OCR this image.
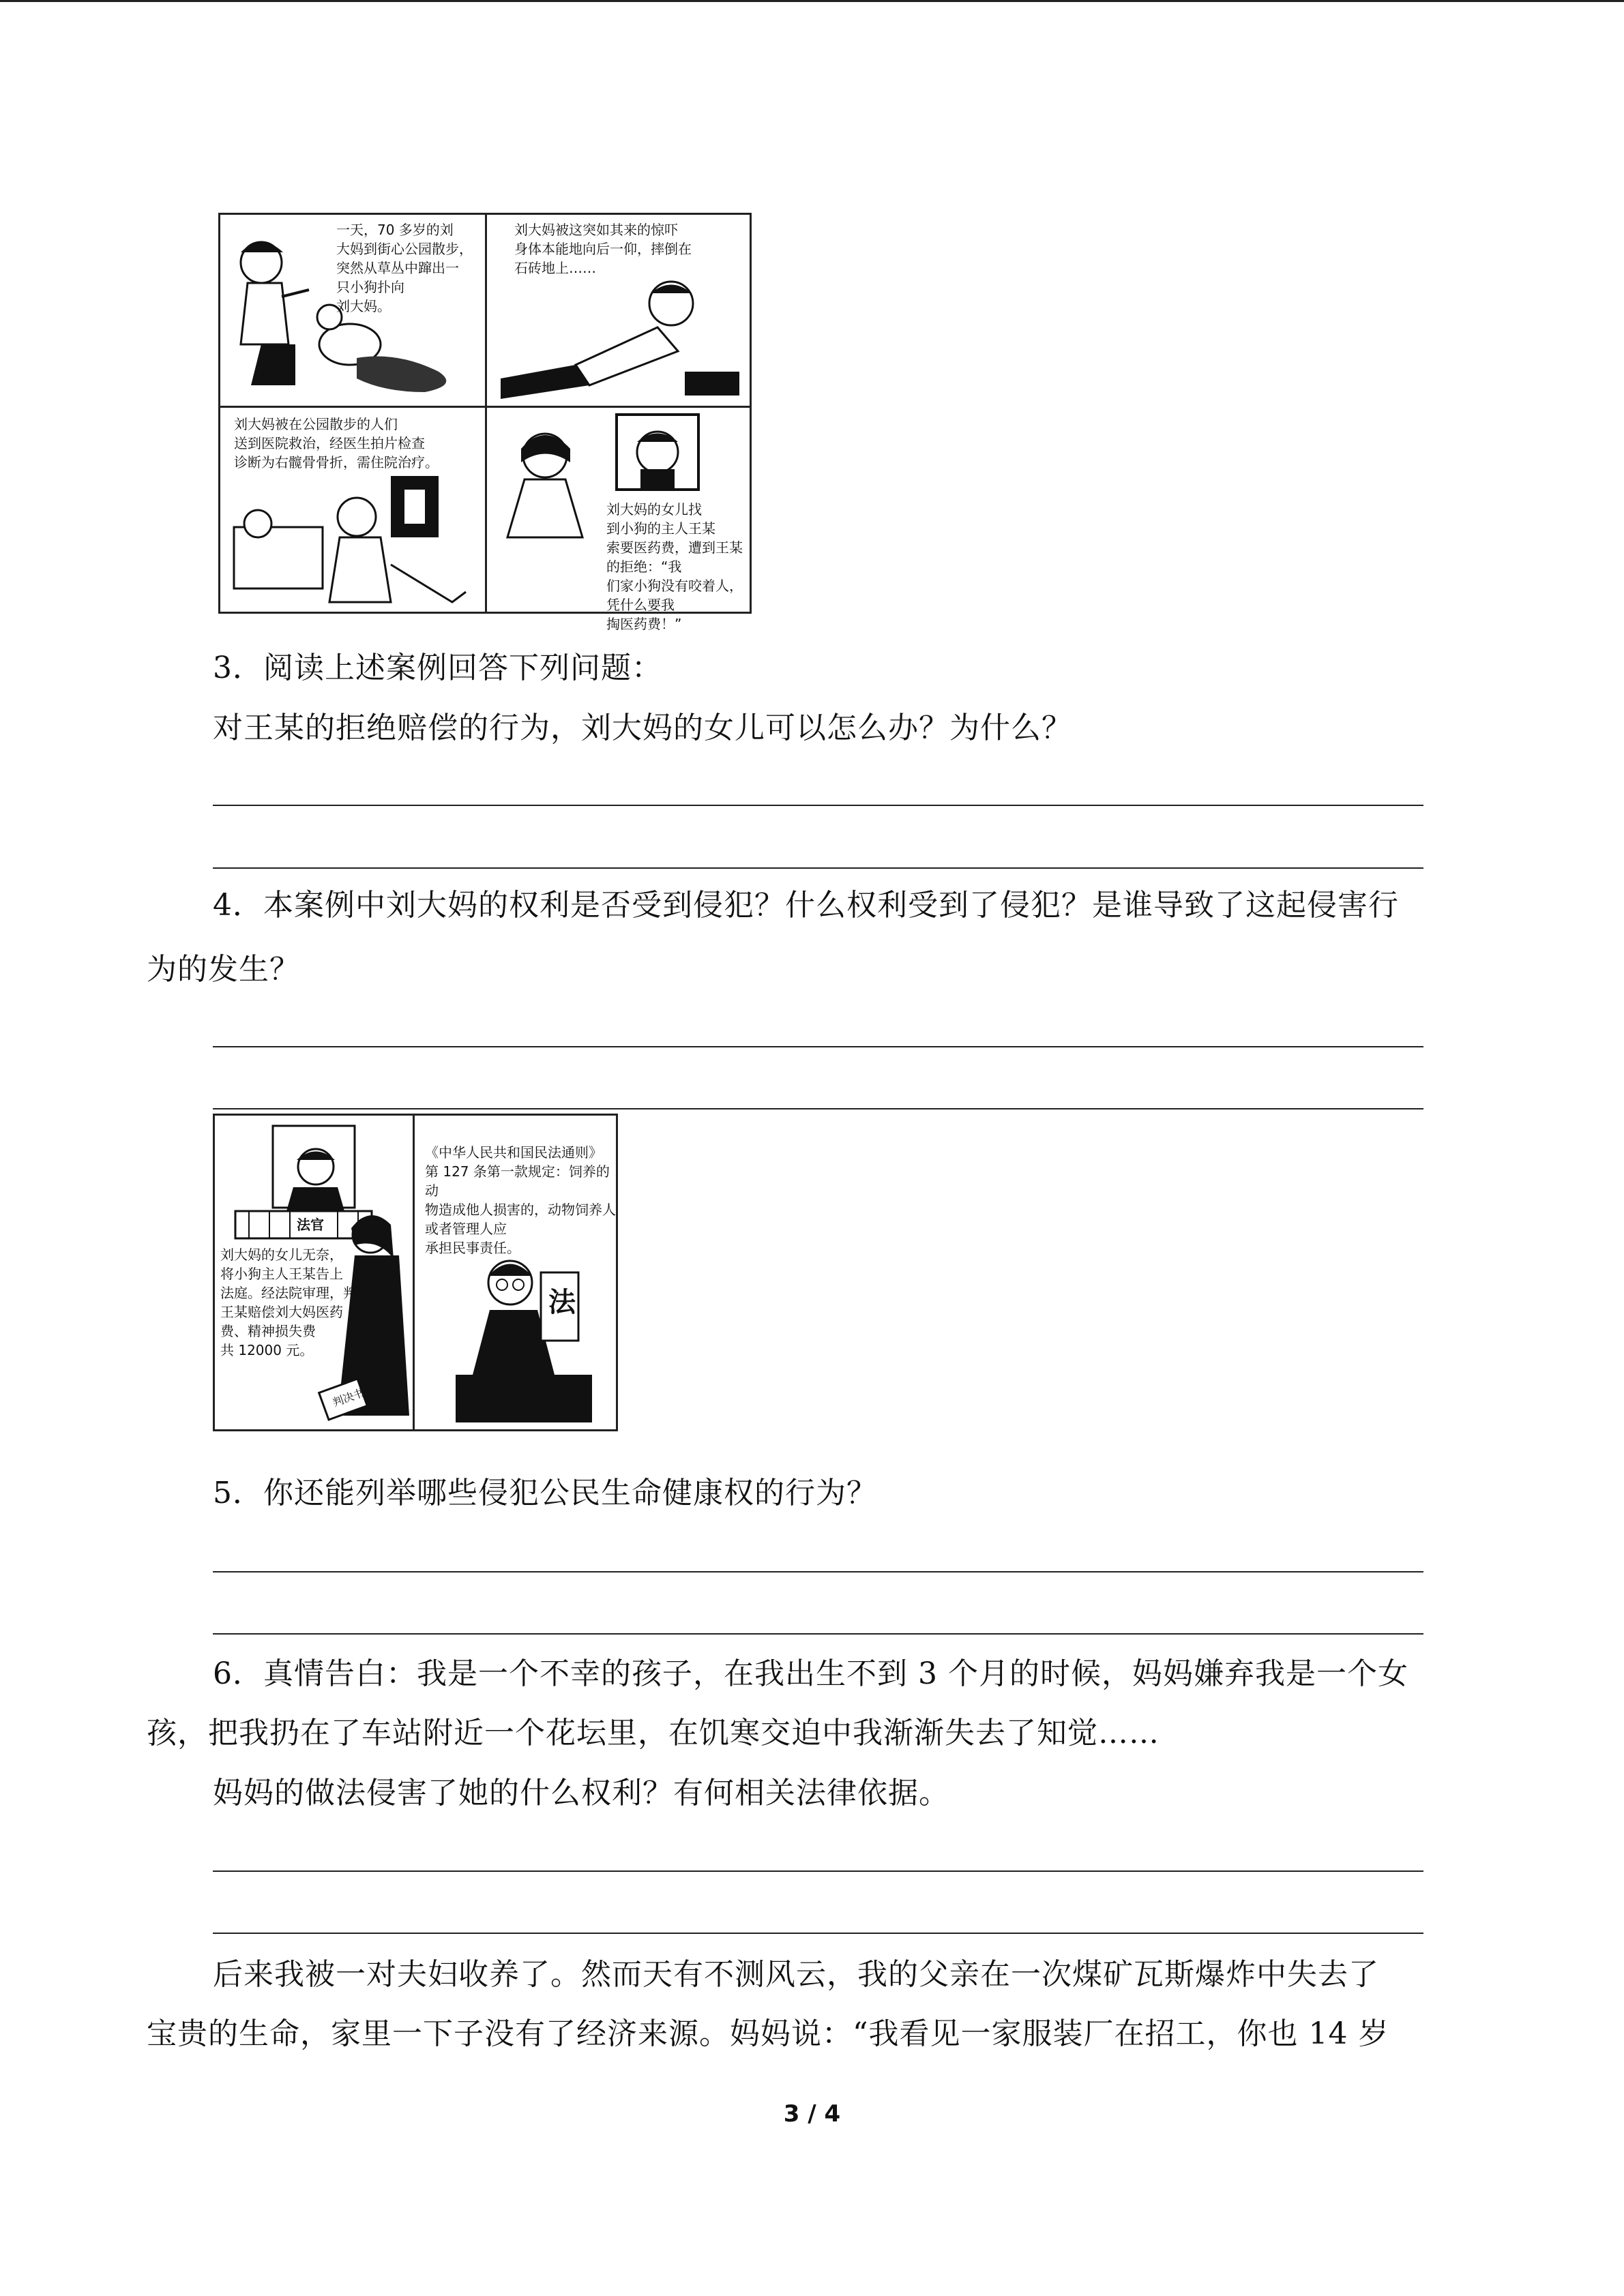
一天，70 多岁的刘
大妈到街心公园散步，
突然从草丛中蹿出一
只小狗扑向
刘大妈。
刘大妈被这突如其来的惊吓
身体本能地向后一仰，摔倒在
石砖地上……
刘大妈被在公园散步的人们
送到医院救治，经医生拍片检查
诊断为右髋骨骨折，需住院治疗。
刘大妈的女儿找
到小狗的主人王某
索要医药费，遭到王某的拒绝：“我
们家小狗没有咬着人，凭什么要我
掏医药费！”
3．阅读上述案例回答下列问题：
对王某的拒绝赔偿的行为，刘大妈的女儿可以怎么办？为什么？
4．本案例中刘大妈的权利是否受到侵犯？什么权利受到了侵犯？是谁导致了这起侵害行
为的发生？
法官
刘大妈的女儿无奈，
将小狗主人王某告上
法庭。经法院审理，判
王某赔偿刘大妈医药
费、精神损失费
共 12000 元。
判决书
《中华人民共和国民法通则》
第 127 条第一款规定：饲养的动
物造成他人损害的，动物饲养人
或者管理人应
承担民事责任。
法
5．你还能列举哪些侵犯公民生命健康权的行为？
6．真情告白：我是一个不幸的孩子，在我出生不到 3 个月的时候，妈妈嫌弃我是一个女
孩，把我扔在了车站附近一个花坛里，在饥寒交迫中我渐渐失去了知觉……
妈妈的做法侵害了她的什么权利？有何相关法律依据。
后来我被一对夫妇收养了。然而天有不测风云，我的父亲在一次煤矿瓦斯爆炸中失去了
宝贵的生命，家里一下子没有了经济来源。妈妈说：“我看见一家服装厂在招工，你也 14 岁
3 / 4
